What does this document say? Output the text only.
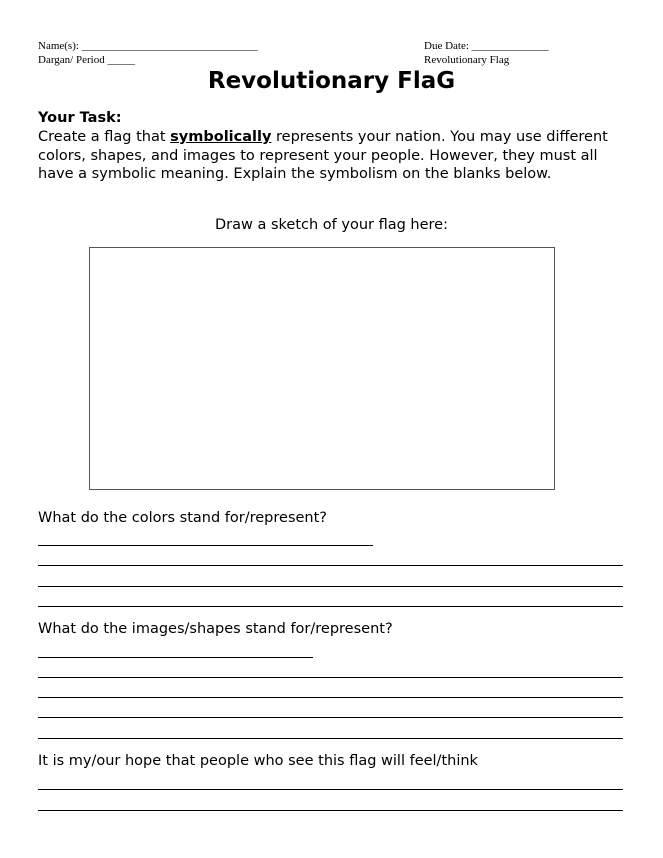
Name(s): ________________________________
Dargan/ Period _____
Due Date: ______________
Revolutionary Flag
Revolutionary FlaG
Your Task:
Create a flag that symbolically represents your nation. You may use different colors, shapes, and images to represent your people. However, they must all have a symbolic meaning. Explain the symbolism on the blanks below.
Draw a sketch of your flag here:
What do the colors stand for/represent?
What do the images/shapes stand for/represent?
It is my/our hope that people who see this flag will feel/think
